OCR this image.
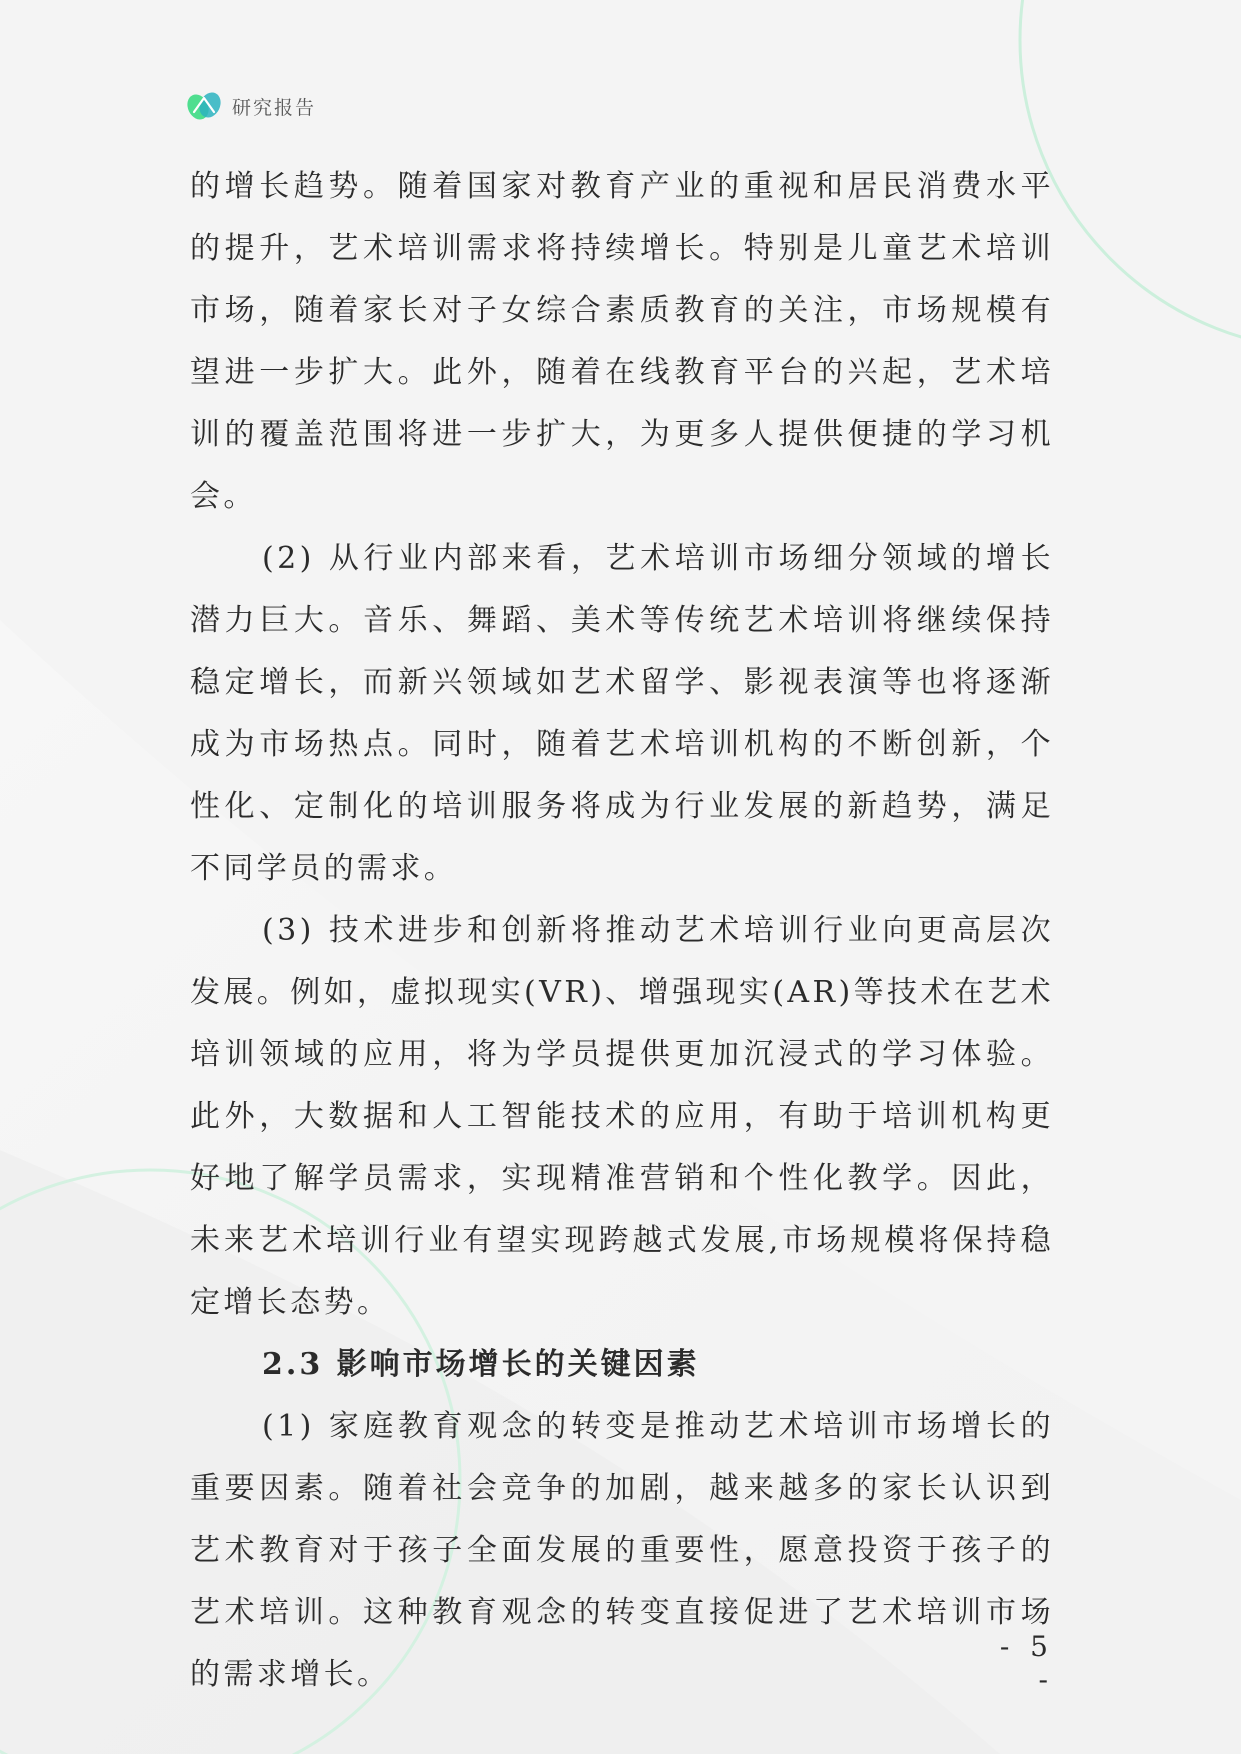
研究报告

的增长趋势。随着国家对教育产业的重视和居民消费水平的提升，艺术培训需求将持续增长。特别是儿童艺术培训市场，随着家长对子女综合素质教育的关注，市场规模有望进一步扩大。此外，随着在线教育平台的兴起，艺术培训的覆盖范围将进一步扩大，为更多人提供便捷的学习机会。

(2) 从行业内部来看，艺术培训市场细分领域的增长潜力巨大。音乐、舞蹈、美术等传统艺术培训将继续保持稳定增长，而新兴领域如艺术留学、影视表演等也将逐渐成为市场热点。同时，随着艺术培训机构的不断创新，个性化、定制化的培训服务将成为行业发展的新趋势，满足不同学员的需求。

(3) 技术进步和创新将推动艺术培训行业向更高层次发展。例如，虚拟现实(VR)、增强现实(AR)等技术在艺术培训领域的应用，将为学员提供更加沉浸式的学习体验。此外，大数据和人工智能技术的应用，有助于培训机构更好地了解学员需求，实现精准营销和个性化教学。因此，未来艺术培训行业有望实现跨越式发展,市场规模将保持稳定增长态势。

2.3 影响市场增长的关键因素

(1) 家庭教育观念的转变是推动艺术培训市场增长的重要因素。随着社会竞争的加剧，越来越多的家长认识到艺术教育对于孩子全面发展的重要性，愿意投资于孩子的艺术培训。这种教育观念的转变直接促进了艺术培训市场的需求增长。

- 5 -
